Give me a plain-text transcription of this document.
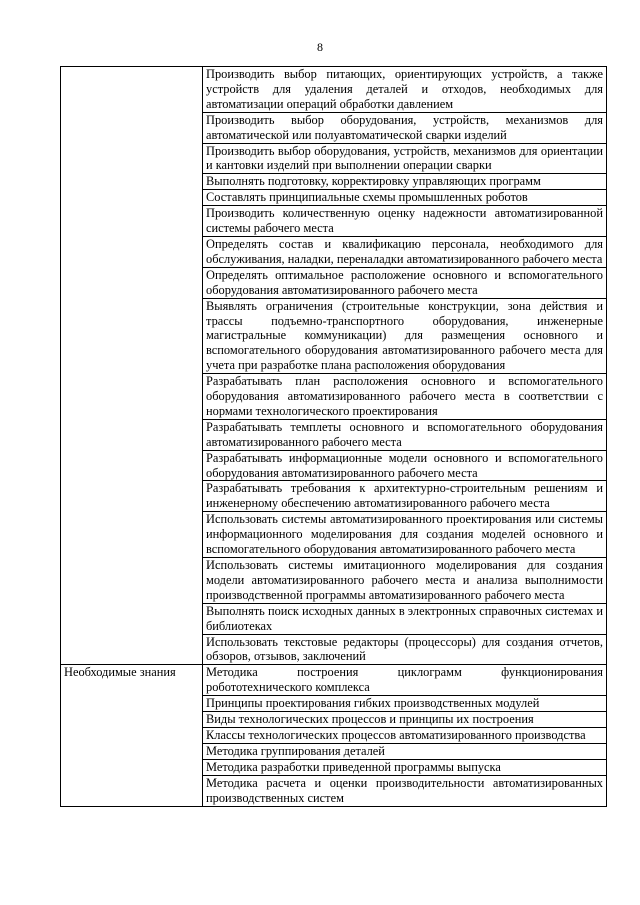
8
	Производить выбор питающих, ориентирующих устройств, а также устройств для удаления деталей и отходов, необходимых для автоматизации операций обработки давлением
	Производить выбор оборудования, устройств, механизмов для автоматической или полуавтоматической сварки изделий
	Производить выбор оборудования, устройств, механизмов для ориентации и кантовки изделий при выполнении операции сварки
	Выполнять подготовку, корректировку управляющих программ
	Составлять принципиальные схемы промышленных роботов
	Производить количественную оценку надежности автоматизированной системы рабочего места
	Определять состав и квалификацию персонала, необходимого для обслуживания, наладки, переналадки автоматизированного рабочего места
	Определять оптимальное расположение основного и вспомогательного оборудования автоматизированного рабочего места
	Выявлять ограничения (строительные конструкции, зона действия и трассы подъемно-транспортного оборудования, инженерные магистральные коммуникации) для размещения основного и вспомогательного оборудования автоматизированного рабочего места для учета при разработке плана расположения оборудования
	Разрабатывать план расположения основного и вспомогательного оборудования автоматизированного рабочего места в соответствии с нормами технологического проектирования
	Разрабатывать темплеты основного и вспомогательного оборудования автоматизированного рабочего места
	Разрабатывать информационные модели основного и вспомогательного оборудования автоматизированного рабочего места
	Разрабатывать требования к архитектурно-строительным решениям и инженерному обеспечению автоматизированного рабочего места
	Использовать системы автоматизированного проектирования или системы информационного моделирования для создания моделей основного и вспомогательного оборудования автоматизированного рабочего места
	Использовать системы имитационного моделирования для создания модели автоматизированного рабочего места и анализа выполнимости производственной программы автоматизированного рабочего места
	Выполнять поиск исходных данных в электронных справочных системах и библиотеках
	Использовать текстовые редакторы (процессоры) для создания отчетов, обзоров, отзывов, заключений
Необходимые знания	Методика построения циклограмм функционирования робототехнического комплекса
	Принципы проектирования гибких производственных модулей
	Виды технологических процессов и принципы их построения
	Классы технологических процессов автоматизированного производства
	Методика группирования деталей
	Методика разработки приведенной программы выпуска
	Методика расчета и оценки производительности автоматизированных производственных систем
